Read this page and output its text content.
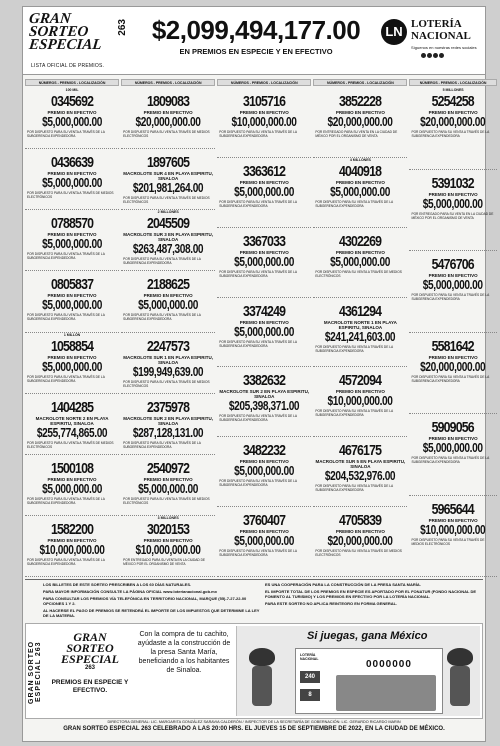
GRAN
SORTEO
ESPECIAL
263
LISTA OFICIAL DE PREMIOS.
$2,099,494,177.00
EN PREMIOS EN ESPECIE Y EN EFECTIVO
LN LOTERÍA
NACIONAL
Síguenos en nuestras redes sociales
NÚMEROS - PREMIOS - LOCALIZACIÓN
100 MIL
0345692
PREMIO EN EFECTIVO
$5,000,000.00
POR DISPUESTO PARA SU VENTA A TRAVÉS DE LA SUBGERENCIA EXPENDEDORA
0436639
PREMIO EN EFECTIVO
$5,000,000.00
POR DISPUESTO PARA SU VENTA A TRAVÉS DE MEDIOS ELECTRÓNICOS
0788570
PREMIO EN EFECTIVO
$5,000,000.00
POR DISPUESTO PARA SU VENTA A TRAVÉS DE LA SUBGERENCIA EXPENDEDORA
0805837
PREMIO EN EFECTIVO
$5,000,000.00
POR DISPUESTO PARA SU VENTA A TRAVÉS DE LA SUBGERENCIA EXPENDEDORA
1 MILLÓN
1058854
PREMIO EN EFECTIVO
$5,000,000.00
POR DISPUESTO PARA SU VENTA A TRAVÉS DE LA SUBGERENCIA EXPENDEDORA
1404285
MACROLOTE NORTE 2 EN PLAYA ESPIRITU, SINALOA
$255,774,865.00
POR DISPUESTO PARA SU VENTA A TRAVÉS DE MEDIOS ELECTRÓNICOS
1500108
PREMIO EN EFECTIVO
$5,000,000.00
POR DISPUESTO PARA SU VENTA A TRAVÉS DE LA SUBGERENCIA EXPENDEDORA
1582200
PREMIO EN EFECTIVO
$10,000,000.00
POR DISPUESTO PARA SU VENTA A TRAVÉS DE LA SUBGERENCIA EXPENDEDORA
NÚMEROS - PREMIOS - LOCALIZACIÓN
1809083
PREMIO EN EFECTIVO
$20,000,000.00
POR DISPUESTO PARA SU VENTA A TRAVÉS DE MEDIOS ELECTRÓNICOS
1897605
MACROLOTE SUR 4 EN PLAYA ESPIRITU, SINALOA
$201,981,264.00
POR DISPUESTO PARA SU VENTA A TRAVÉS DE MEDIOS ELECTRÓNICOS
2 MILLONES
2045509
MACROLOTE SUR 3 EN PLAYA ESPIRITU, SINALOA
$263,487,308.00
POR DISPUESTO PARA SU VENTA A TRAVÉS DE LA SUBGERENCIA EXPENDEDORA
2188625
PREMIO EN EFECTIVO
$5,000,000.00
POR DISPUESTO PARA SU VENTA A TRAVÉS DE LA SUBGERENCIA EXPENDEDORA
2247573
MACROLOTE SUR 1 EN PLAYA ESPIRITU, SINALOA
$199,949,639.00
POR DISPUESTO PARA SU VENTA A TRAVÉS DE MEDIOS ELECTRÓNICOS
2375978
MACROLOTE SUR 2 EN PLAYA ESPIRITU, SINALOA
$287,128,131.00
POR DISPUESTO PARA SU VENTA A TRAVÉS DE LA SUBGERENCIA EXPENDEDORA
2540972
PREMIO EN EFECTIVO
$5,000,000.00
POR DISPUESTO PARA SU VENTA A TRAVÉS DE MEDIOS ELECTRÓNICOS
3 MILLONES
3020153
PREMIO EN EFECTIVO
$10,000,000.00
POR ENTREGADO PARA SU VENTA EN LA CIUDAD DE MÉXICO POR EL ORGANISMO DE VENTA
NÚMEROS - PREMIOS - LOCALIZACIÓN
3105716
PREMIO EN EFECTIVO
$10,000,000.00
POR DISPUESTO PARA SU VENTA A TRAVÉS DE LA SUBGERENCIA EXPENDEDORA
3363612
PREMIO EN EFECTIVO
$5,000,000.00
POR DISPUESTO PARA SU VENTA A TRAVÉS DE LA SUBGERENCIA EXPENDEDORA
3367033
PREMIO EN EFECTIVO
$5,000,000.00
POR DISPUESTO PARA SU VENTA A TRAVÉS DE LA SUBGERENCIA EXPENDEDORA
3374249
PREMIO EN EFECTIVO
$5,000,000.00
POR DISPUESTO PARA SU VENTA A TRAVÉS DE LA SUBGERENCIA EXPENDEDORA
3382632
MACROLOTE SUR 2 EN PLAYA ESPIRITU, SINALOA
$205,398,371.00
POR DISPUESTO PARA SU VENTA A TRAVÉS DE LA SUBGERENCIA EXPENDEDORA
3482232
PREMIO EN EFECTIVO
$5,000,000.00
POR DISPUESTO PARA SU VENTA A TRAVÉS DE LA SUBGERENCIA EXPENDEDORA
3760407
PREMIO EN EFECTIVO
$5,000,000.00
POR DISPUESTO PARA SU VENTA A TRAVÉS DE LA SUBGERENCIA EXPENDEDORA
NÚMEROS - PREMIOS - LOCALIZACIÓN
3852228
PREMIO EN EFECTIVO
$20,000,000.00
POR ENTREGADO PARA SU VENTA EN LA CIUDAD DE MÉXICO POR EL ORGANISMO DE VENTA
4 MILLONES
4040918
PREMIO EN EFECTIVO
$5,000,000.00
POR DISPUESTO PARA SU VENTA A TRAVÉS DE LA SUBGERENCIA EXPENDEDORA
4302269
PREMIO EN EFECTIVO
$5,000,000.00
POR DISPUESTO PARA SU VENTA A TRAVÉS DE MEDIOS ELECTRÓNICOS
4361294
MACROLOTE NORTE 1 EN PLAYA ESPIRITU, SINALOA
$241,241,603.00
POR DISPUESTO PARA SU VENTA A TRAVÉS DE LA SUBGERENCIA EXPENDEDORA
4572094
PREMIO EN EFECTIVO
$10,000,000.00
POR DISPUESTO PARA SU VENTA A TRAVÉS DE LA SUBGERENCIA EXPENDEDORA
4676175
MACROLOTE SUR 5 EN PLAYA ESPIRITU, SINALOA
$204,532,976.00
POR DISPUESTO PARA SU VENTA A TRAVÉS DE LA SUBGERENCIA EXPENDEDORA
4705839
PREMIO EN EFECTIVO
$20,000,000.00
POR DISPUESTO PARA SU VENTA A TRAVÉS DE MEDIOS ELECTRÓNICOS
NÚMEROS - PREMIOS - LOCALIZACIÓN
5 MILLONES
5254258
PREMIO EN EFECTIVO
$20,000,000.00
POR DISPUESTO PARA SU VENTA A TRAVÉS DE LA SUBGERENCIA EXPENDEDORA
5391032
PREMIO EN EFECTIVO
$5,000,000.00
POR ENTREGADO PARA SU VENTA EN LA CIUDAD DE MÉXICO POR EL ORGANISMO DE VENTA
5476706
PREMIO EN EFECTIVO
$5,000,000.00
POR DISPUESTO PARA SU VENTA A TRAVÉS DE LA SUBGERENCIA EXPENDEDORA
5581642
PREMIO EN EFECTIVO
$20,000,000.00
POR DISPUESTO PARA SU VENTA A TRAVÉS DE LA SUBGERENCIA EXPENDEDORA
5909056
PREMIO EN EFECTIVO
$5,000,000.00
POR DISPUESTO PARA SU VENTA A TRAVÉS DE LA SUBGERENCIA EXPENDEDORA
5965644
PREMIO EN EFECTIVO
$10,000,000.00
POR DISPUESTO PARA SU VENTA A TRAVÉS DE MEDIOS ELECTRÓNICOS

LOS BILLETES DE ESTE SORTEO PRESCRIBEN A LOS 60 DÍAS NATURALES.

PARA MAYOR INFORMACIÓN CONSULTE LA PÁGINA OFICIAL www.loterianacional.gob.mx

PARA CONSULTAR LOS PREMIOS VÍA TELEFÓNICA EN TERRITORIO NACIONAL, MARQUE (55)-7-27-22-00 OPCIONES 1 Y 2.

AL HACERSE EL PAGO DE PREMIOS SE RETENDRÁ EL IMPORTE DE LOS IMPUESTOS QUE DETERMINE LA LEY DE LA MATERIA.

ES UNA COOPERACIÓN PARA LA CONSTRUCCIÓN DE LA PRESA SANTA MARÍA.

EL IMPORTE TOTAL DE LOS PREMIOS EN ESPECIE ES APORTADO POR EL FONATUR (FONDO NACIONAL DE FOMENTO AL TURISMO) Y LOS PREMIOS EN EFECTIVO POR LA LOTERÍA NACIONAL.

PARA ESTE SORTEO NO APLICA REINTEGRO EN FORMA GENERAL.

GRAN SORTEO ESPECIAL 263
GRAN
SORTEO
ESPECIAL
263
PREMIOS EN ESPECIE Y EFECTIVO.
Con la compra de tu cachito, ayúdaste a la construcción de la presa Santa María, beneficiando a los habitantes de Sinaloa.
Si juegas, gana México
LOTERÍA NACIONAL	0000000
240
8 MACRO
DIRECTORA GENERAL: LIC. MARGARITA GONZÁLEZ SARAVIA CALDERÓN / INSPECTOR DE LA SECRETARÍA DE GOBERNACIÓN: LIC. GERARDO RICARDO MARIN
GRAN SORTEO ESPECIAL 263 CELEBRADO A LAS 20:00 HRS. EL JUEVES 15 DE SEPTIEMBRE DE 2022, EN LA CIUDAD DE MÉXICO.
